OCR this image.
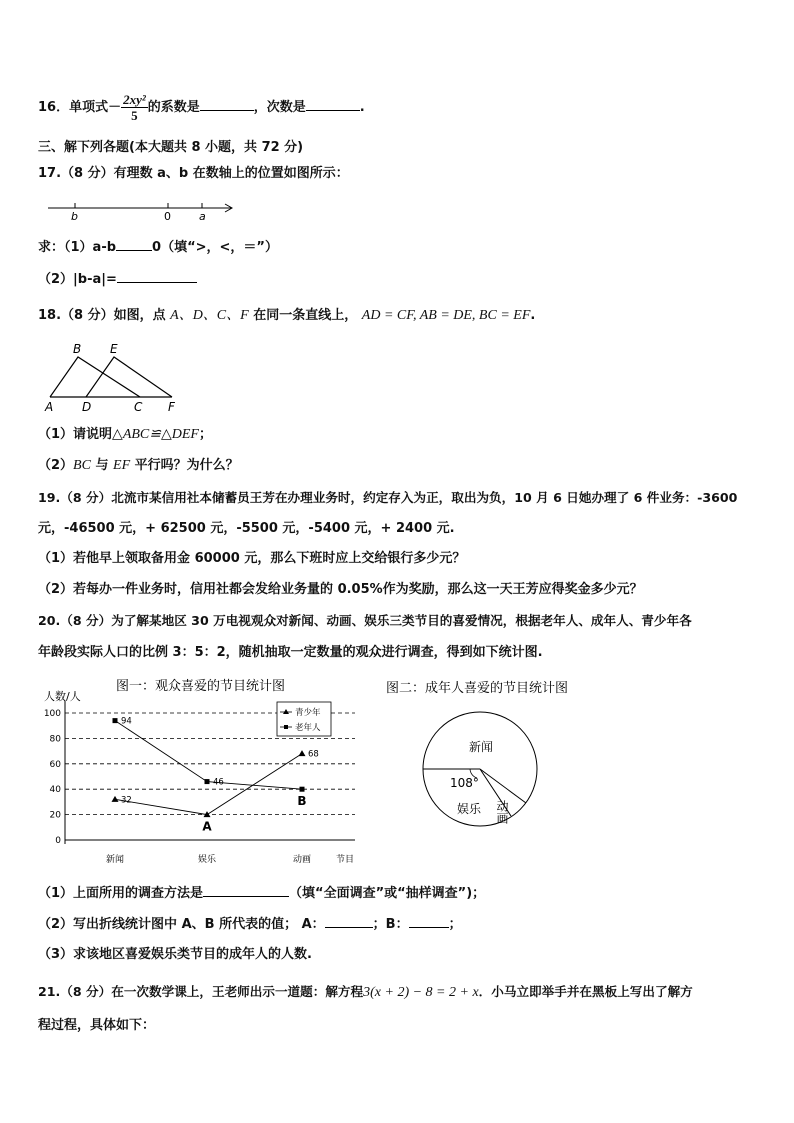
16．单项式－ $\frac{\text{2xy²}}{5}$ 的系数是	，次数是	.
三、解下列各题(本大题共 8 小题，共 72 分)
17.（8 分）有理数 a、b 在数轴上的位置如图所示：
b	0	a
求：（1）a-b	0（填“>，<，＝”）
（2）|b-a|=
18.（8 分）如图，点 A、D、C、F 在同一条直线上， AD = CF, AB = DE, BC = EF.
A
B
D
E
C F
（1）请说明△ABC≌△DEF；
（2）BC 与 EF 平行吗？为什么？
19.（8 分）北流市某信用社本储蓄员王芳在办理业务时，约定存入为正，取出为负，10 月 6 日她办理了 6 件业务：-3600
元，-46500 元，+ 62500 元，-5500 元，-5400 元，+ 2400 元.
（1）若他早上领取备用金 60000 元，那么下班时应上交给银行多少元？
（2）若每办一件业务时，信用社都会发给业务量的 0.05%作为奖励，那么这一天王芳应得奖金多少元？
20.（8 分）为了解某地区 30 万电视观众对新闻、动画、娱乐三类节目的喜爱情况，根据老年人、成年人、青少年各
年龄段实际人口的比例 3：5：2，随机抽取一定数量的观众进行调查，得到如下统计图.
图一：观众喜爱的节目统计图
人数/人
节目
0
20
40
60
80
100
新闻	娱乐	动画
32
68
94
46
A
B
青少年
老年人
图二：成年人喜爱的节目统计图
新闻
108°
娱乐 动画
（1）上面所用的调查方法是	（填“全面调查”或“抽样调查”)；
（2）写出折线统计图中 A、B 所代表的值； A：	；B：	；
（3）求该地区喜爱娱乐类节目的成年人的人数.
21.（8 分）在一次数学课上，王老师出示一道题：解方程3(x + 2) − 8 = 2 + x．小马立即举手并在黑板上写出了解方
程过程，具体如下：
